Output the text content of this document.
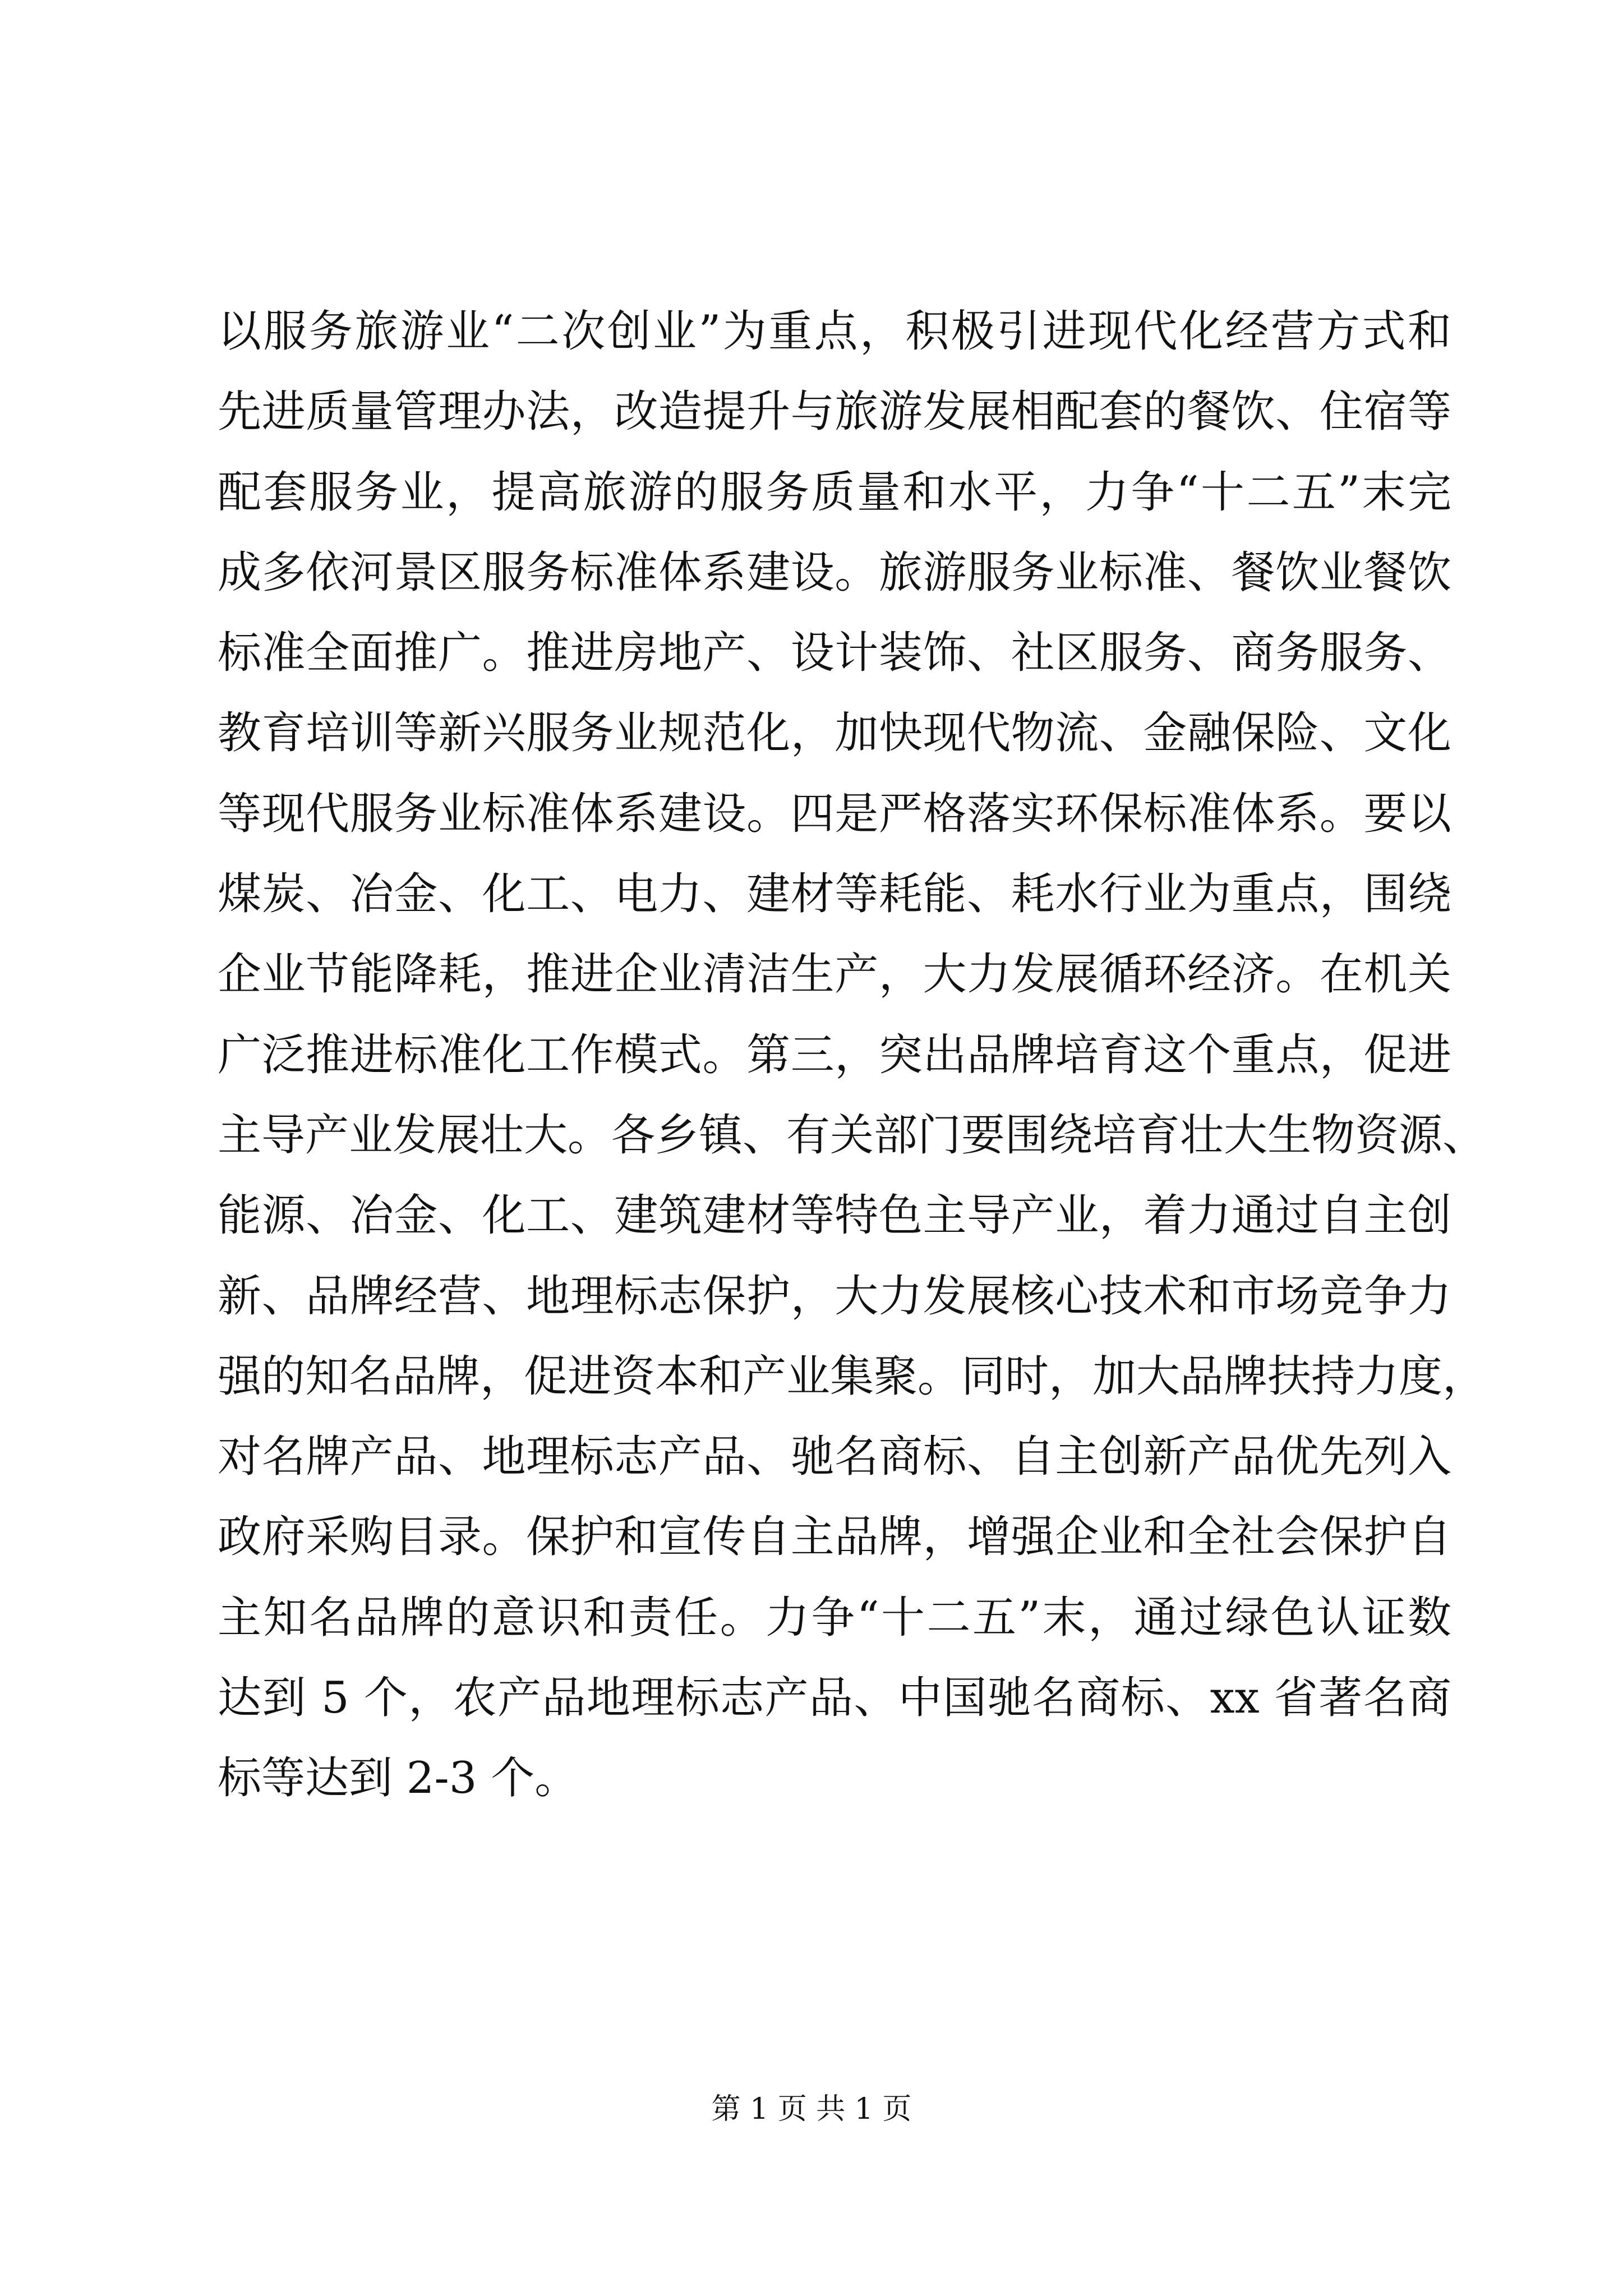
以服务旅游业“二次创业”为重点，积极引进现代化经营方式和
先进质量管理办法，改造提升与旅游发展相配套的餐饮、住宿等
配套服务业，提高旅游的服务质量和水平，力争“十二五”末完
成多依河景区服务标准体系建设。旅游服务业标准、餐饮业餐饮
标准全面推广。推进房地产、设计装饰、社区服务、商务服务、
教育培训等新兴服务业规范化，加快现代物流、金融保险、文化
等现代服务业标准体系建设。四是严格落实环保标准体系。要以
煤炭、冶金、化工、电力、建材等耗能、耗水行业为重点，围绕
企业节能降耗，推进企业清洁生产，大力发展循环经济。在机关
广泛推进标准化工作模式。第三，突出品牌培育这个重点，促进
主导产业发展壮大。各乡镇、有关部门要围绕培育壮大生物资源、
能源、冶金、化工、建筑建材等特色主导产业，着力通过自主创
新、品牌经营、地理标志保护，大力发展核心技术和市场竞争力
强的知名品牌，促进资本和产业集聚。同时，加大品牌扶持力度，
对名牌产品、地理标志产品、驰名商标、自主创新产品优先列入
政府采购目录。保护和宣传自主品牌，增强企业和全社会保护自
主知名品牌的意识和责任。力争“十二五”末，通过绿色认证数
达到 5 个，农产品地理标志产品、中国驰名商标、xx 省著名商
标等达到 2-3 个。
第 1 页 共 1 页
